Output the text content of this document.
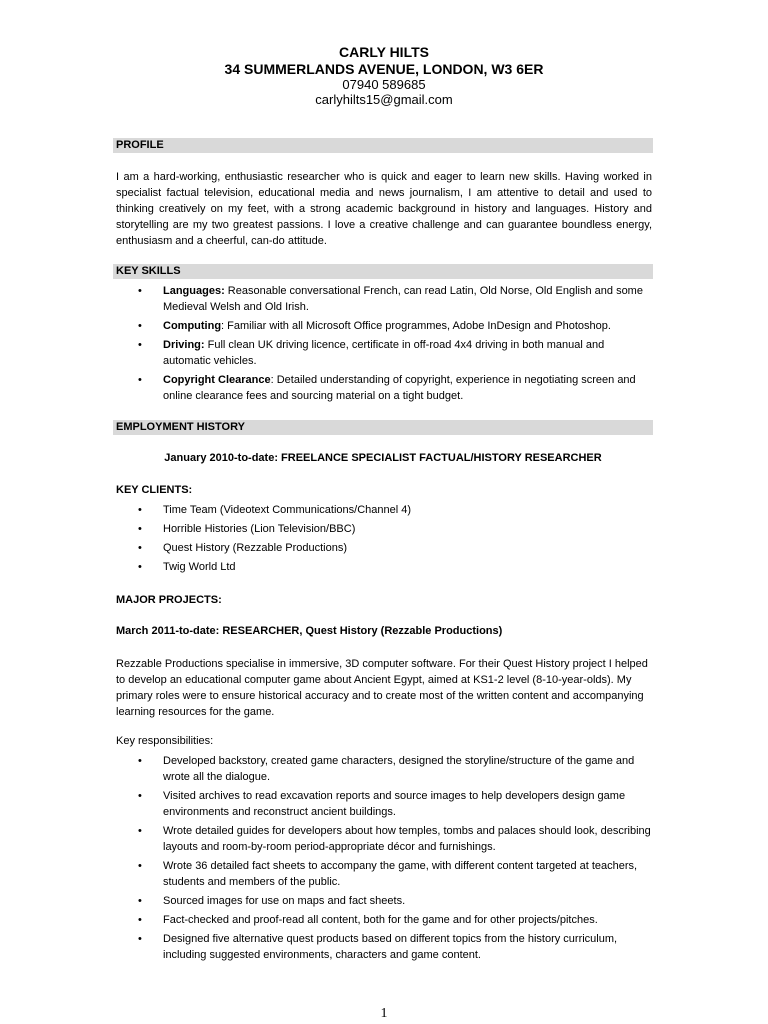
CARLY HILTS
34 SUMMERLANDS AVENUE, LONDON, W3 6ER
07940 589685
carlyhilts15@gmail.com
PROFILE

I am a hard-working, enthusiastic researcher who is quick and eager to learn new skills. Having worked in specialist factual television, educational media and news journalism, I am attentive to detail and used to thinking creatively on my feet, with a strong academic background in history and languages. History and storytelling are my two greatest passions. I love a creative challenge and can guarantee boundless energy, enthusiasm and a cheerful, can-do attitude.

KEY SKILLS
• Languages: Reasonable conversational French, can read Latin, Old Norse, Old English and some Medieval Welsh and Old Irish.
• Computing: Familiar with all Microsoft Office programmes, Adobe InDesign and Photoshop.
• Driving: Full clean UK driving licence, certificate in off-road 4x4 driving in both manual and automatic vehicles.
• Copyright Clearance: Detailed understanding of copyright, experience in negotiating screen and online clearance fees and sourcing material on a tight budget.
EMPLOYMENT HISTORY
January 2010-to-date: FREELANCE SPECIALIST FACTUAL/HISTORY RESEARCHER
KEY CLIENTS:
• Time Team (Videotext Communications/Channel 4)
• Horrible Histories (Lion Television/BBC)
• Quest History (Rezzable Productions)
• Twig World Ltd
MAJOR PROJECTS:
March 2011-to-date: RESEARCHER, Quest History (Rezzable Productions)

Rezzable Productions specialise in immersive, 3D computer software. For their Quest History project I helped to develop an educational computer game about Ancient Egypt, aimed at KS1-2 level (8-10-year-olds). My primary roles were to ensure historical accuracy and to create most of the written content and accompanying learning resources for the game.

Key responsibilities:
• Developed backstory, created game characters, designed the storyline/structure of the game and wrote all the dialogue.
• Visited archives to read excavation reports and source images to help developers design game environments and reconstruct ancient buildings.
• Wrote detailed guides for developers about how temples, tombs and palaces should look, describing layouts and room-by-room period-appropriate décor and furnishings.
• Wrote 36 detailed fact sheets to accompany the game, with different content targeted at teachers, students and members of the public.
• Sourced images for use on maps and fact sheets.
• Fact-checked and proof-read all content, both for the game and for other projects/pitches.
• Designed five alternative quest products based on different topics from the history curriculum, including suggested environments, characters and game content.
1
